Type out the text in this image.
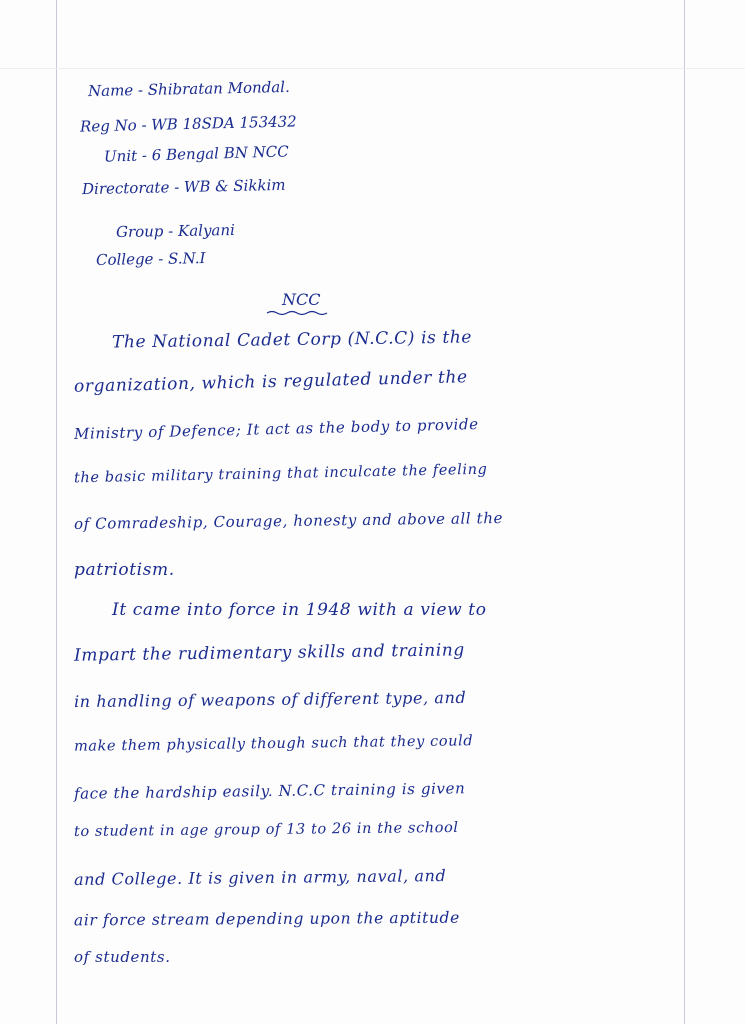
Name - Shibratan Mondal.
Reg No - WB 18SDA 153432
Unit - 6 Bengal BN NCC
Directorate - WB & Sikkim
Group - Kalyani
College - S.N.I
NCC
The National Cadet Corp (N.C.C) is the
organization, which is regulated under the
Ministry of Defence; It act as the body to provide
the basic military training that inculcate the feeling
of Comradeship, Courage, honesty and above all the
patriotism.
It came into force in 1948 with a view to
Impart the rudimentary skills and training
in handling of weapons of different type, and
make them physically though such that they could
face the hardship easily. N.C.C training is given
to student in age group of 13 to 26 in the school
and College. It is given in army, naval, and
air force stream depending upon the aptitude
of students.
